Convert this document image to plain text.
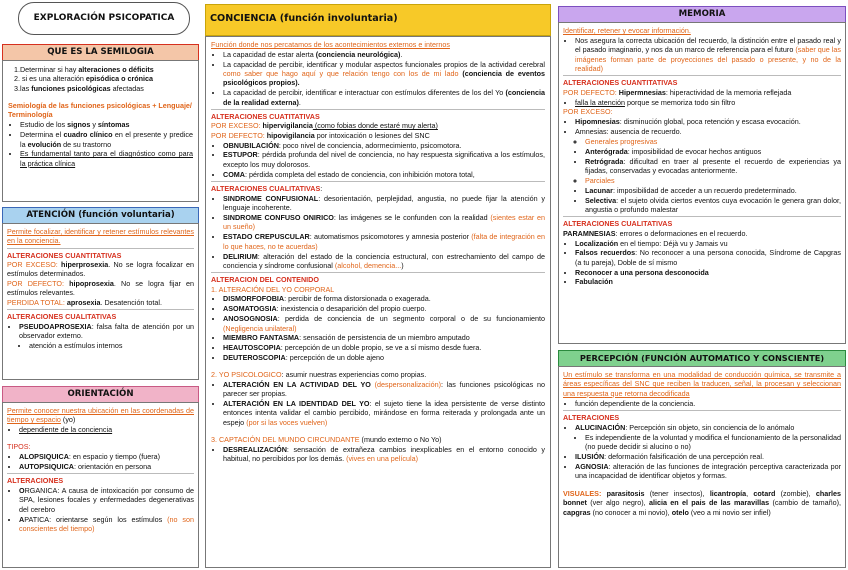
EXPLORACIÓN PSICOPATICA
QUE ES LA SEMILOGIA
1.Determinar si hay alteraciones o déficits
2. si es una alteración episódica o crónica
3.las funciones psicológicas afectadas
Semiología de las funciones psicológicas + Lenguaje/ Terminología
• Estudio de los signos y síntomas
• Determina el cuadro clínico en el presente y predice la evolución de su trastorno
• Es fundamental tanto para el diagnóstico como para la práctica clínica
ATENCIÓN (función voluntaria)
Permite focalizar, identificar y retener estímulos relevantes en la conciencia.
ALTERACIONES CUANTITATIVAS
POR EXCESO: hiperprosexia. No se logra focalizar en estímulos determinados.
POR DEFECTO: hipoprosexia. No se logra fijar en estímulos relevantes.
PERDIDA TOTAL: aprosexia. Desatención total.
ALTERACIONES CUALITATIVAS
• PSEUDOAPROSEXIA: falsa falta de atención por un observador externo.
• atención a estímulos internos
ORIENTACIÓN
Permite conocer nuestra ubicación en las coordenadas de tiempo y espacio (yo)
• dependiente de la conciencia
TIPOS:
• ALOPSIQUICA: en espacio y tiempo (fuera)
• AUTOPSIQUICA: orientación en persona
ALTERACIONES
• ORGANICA: A causa de intoxicación por consumo de SPA, lesiones focales y enfermedades degenerativas del cerebro
• APATICA: orientarse según los estímulos (no son conscientes del tiempo)
CONCIENCIA (función involuntaria)
Función donde nos percatamos de los acontecimientos externos e internos
• La capacidad de estar alerta (conciencia neurológica).
• La capacidad de percibir, identificar y modular aspectos funcionales propios de la actividad cerebral como saber que hago aquí y que relación tengo con los de mi lado (conciencia de eventos psicológicos propios).
• La capacidad de percibir, identificar e interactuar con estímulos diferentes de los del Yo (conciencia de la realidad externa).
ALTERACIONES CUATITATIVAS
POR EXCESO: hipervigilancia (como fobias donde estaré muy alerta)
POR DEFECTO: hipovigilancia por intoxicación o lesiones del SNC
• OBNUBILACIÓN: poco nivel de conciencia, adormecimiento, psicomotora.
• ESTUPOR: pérdida profunda del nivel de conciencia, no hay respuesta significativa a los estímulos, excepto los muy dolorosos.
• COMA: pérdida completa del estado de conciencia, con inhibición motora total,
ALTERACIONES CUALITATIVAS:
• SINDROME CONFUSIONAL: desorientación, perplejidad, angustia, no puede fijar la atención y lenguaje incoherente.
• SINDROME CONFUSO ONIRICO: las imágenes se le confunden con la realidad (sientes estar en un sueño)
• ESTADO CREPUSCULAR: automatismos psicomotores y amnesia posterior (falta de integración en lo que haces, no te acuerdas)
• DELIRIUM: alteración del estado de la conciencia estructural, con estrechamiento del campo de conciencia y síndrome confusional (alcohol, demencia...)
ALTERACION DEL CONTENIDO
1. ALTERACIÓN DEL YO CORPORAL
• DISMORFOFOBIA: percibir de forma distorsionada o exagerada.
• ASOMATOGSIA: inexistencia o desaparición del propio cuerpo.
• ANOSOGNOSIA: perdida de conciencia de un segmento corporal o de su funcionamiento (Negligencia unilateral)
• MIEMBRO FANTASMA: sensación de persistencia de un miembro amputado
• HEAUTOSCOPIA: percepción de un doble propio, se ve a sí mismo desde fuera.
• DEUTEROSCOPIA: percepción de un doble ajeno
2. YO PSICOLOGICO: asumir nuestras experiencias como propias.
• ALTERACIÓN EN LA ACTIVIDAD DEL YO (despersonalización): las funciones psicológicas no parecer ser propias.
• ALTERACIÓN EN LA IDENTIDAD DEL YO: el sujeto tiene la idea persistente de verse distinto entonces intenta validar el cambio percibido, mirándose en forma reiterada y prolongada ante un espejo (por si las voces vuelven)
3. CAPTACIÓN DEL MUNDO CIRCUNDANTE (mundo externo o No Yo)
• DESREALIZACIÓN: sensación de extrañeza cambios inexplicables en el entorno conocido y habitual, no percibidos por los demás. (vives en una película)
MEMORIA
Identificar, retener y evocar información.
• Nos asegura la correcta ubicación del recuerdo, la distinción entre el pasado real y el pasado imaginario, y nos da un marco de referencia para el futuro (saber que las imágenes forman parte de proyecciones del pasado o presente, y no de la realidad)
ALTERACIONES CUANTITATIVAS
POR DEFECTO: Hipermnesias: hiperactividad de la memoria reflejada
• falla la atención porque se memoriza todo sin filtro
POR EXCESO:
• Hipomnesias: disminución global, poca retención y escasa evocación.
• Amnesias: ausencia de recuerdo.
◦ Generales progresivas
• Anterógrada: imposibilidad de evocar hechos antiguos
• Retrógrada: dificultad en traer al presente el recuerdo de experiencias ya fijadas, conservadas y evocadas anteriormente.
◦ Parciales
• Lacunar: imposibilidad de acceder a un recuerdo predeterminado.
• Selectiva: el sujeto olvida ciertos eventos cuya evocación le genera gran dolor, angustia o profundo malestar
ALTERACIONES CUALITATIVAS
PARAMNESIAS: errores o deformaciones en el recuerdo.
• Localización en el tiempo: Déjà vu y Jamais vu
• Falsos recuerdos: No reconocer a una persona conocida, Síndrome de Capgras (a tu pareja), Doble de sí mismo
• Reconocer a una persona desconocida
• Fabulación
PERCEPCIÓN (FUNCIÓN AUTOMATICO Y CONSCIENTE)
Un estímulo se transforma en una modalidad de conducción química, se transmite a áreas específicas del SNC que reciben la traducen, señal, la procesan y seleccionan una respuesta que retorna decodificada
• función dependiente de la conciencia.
ALTERACIONES
• ALUCINACIÓN: Percepción sin objeto, sin conciencia de lo anómalo
• Es independiente de la voluntad y modifica el funcionamiento de la personalidad (no puede decidir si alucino o no)
• ILUSIÓN: deformación falsificación de una percepción real.
• AGNOSIA: alteración de las funciones de integración perceptiva caracterizada por una incapacidad de identificar objetos y formas.
VISUALES: parasitosis (tener insectos), licantropía, cotard (zombie), charles bonnet (ver algo negro), alicia en el pais de las maravillas (cambio de tamaño), capgras (no conocer a mi novio), otelo (veo a mi novio ser infiel)
